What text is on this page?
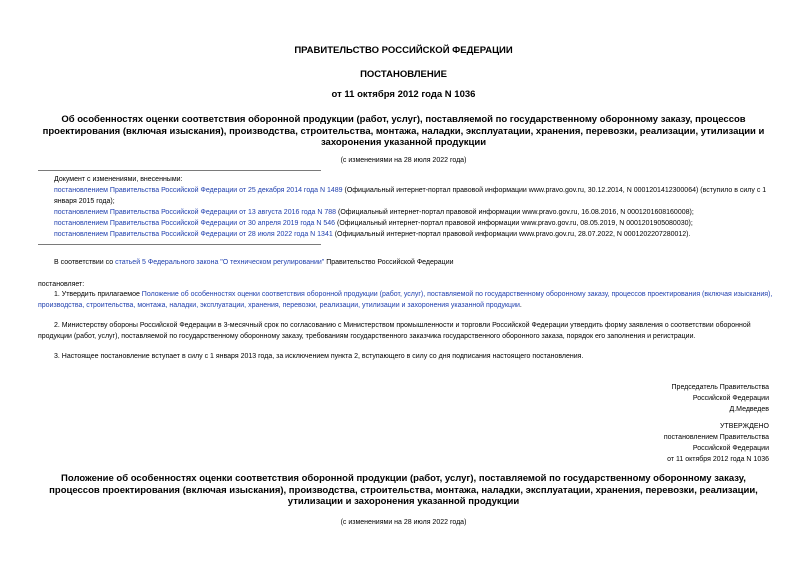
ПРАВИТЕЛЬСТВО РОССИЙСКОЙ ФЕДЕРАЦИИ
ПОСТАНОВЛЕНИЕ
от 11 октября 2012 года N 1036
Об особенностях оценки соответствия оборонной продукции (работ, услуг), поставляемой по государственному оборонному заказу, процессов проектирования (включая изыскания), производства, строительства, монтажа, наладки, эксплуатации, хранения, перевозки, реализации, утилизации и захоронения указанной продукции
(с изменениями на 28 июля 2022 года)
Документ с изменениями, внесенными:
постановлением Правительства Российской Федерации от 25 декабря 2014 года N 1489 (Официальный интернет-портал правовой информации www.pravo.gov.ru, 30.12.2014, N 0001201412300064) (вступило в силу с 1 января 2015 года);
постановлением Правительства Российской Федерации от 13 августа 2016 года N 788 (Официальный интернет-портал правовой информации www.pravo.gov.ru, 16.08.2016, N 0001201608160008);
постановлением Правительства Российской Федерации от 30 апреля 2019 года N 546 (Официальный интернет-портал правовой информации www.pravo.gov.ru, 08.05.2019, N 0001201905080030);
постановлением Правительства Российской Федерации от 28 июля 2022 года N 1341 (Официальный интернет-портал правовой информации www.pravo.gov.ru, 28.07.2022, N 0001202207280012).
В соответствии со статьей 5 Федерального закона "О техническом регулировании" Правительство Российской Федерации
постановляет:
1. Утвердить прилагаемое Положение об особенностях оценки соответствия оборонной продукции (работ, услуг), поставляемой по государственному оборонному заказу, процессов проектирования (включая изыскания), производства, строительства, монтажа, наладки, эксплуатации, хранения, перевозки, реализации, утилизации и захоронения указанной продукции.
2. Министерству обороны Российской Федерации в 3-месячный срок по согласованию с Министерством промышленности и торговли Российской Федерации утвердить форму заявления о соответствии оборонной продукции (работ, услуг), поставляемой по государственному оборонному заказу, требованиям государственного заказчика государственного оборонного заказа, порядок его заполнения и регистрации.
3. Настоящее постановление вступает в силу с 1 января 2013 года, за исключением пункта 2, вступающего в силу со дня подписания настоящего постановления.
Председатель Правительства
Российской Федерации
Д.Медведев
УТВЕРЖДЕНО
постановлением Правительства
Российской Федерации
от 11 октября 2012 года N 1036
Положение об особенностях оценки соответствия оборонной продукции (работ, услуг), поставляемой по государственному оборонному заказу, процессов проектирования (включая изыскания), производства, строительства, монтажа, наладки, эксплуатации, хранения, перевозки, реализации, утилизации и захоронения указанной продукции
(с изменениями на 28 июля 2022 года)
